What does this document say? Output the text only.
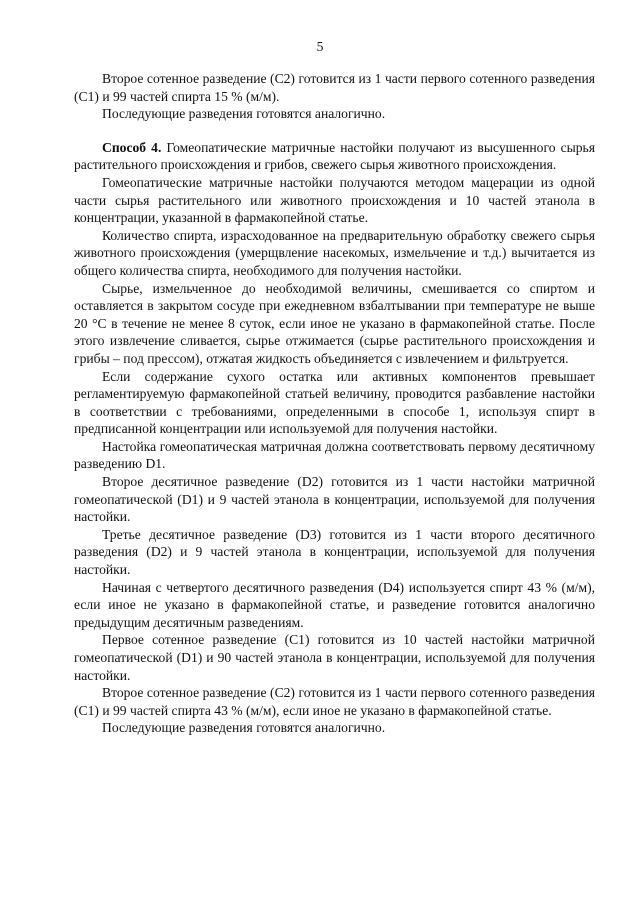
5

Второе сотенное разведение (C2) готовится из 1 части первого сотенного разведения (C1) и 99 частей спирта 15 % (м/м).

Последующие разведения готовятся аналогично.

Способ 4. Гомеопатические матричные настойки получают из высушенного сырья растительного происхождения и грибов, свежего сырья животного происхождения.

Гомеопатические матричные настойки получаются методом мацерации из одной части сырья растительного или животного происхождения и 10 частей этанола в концентрации, указанной в фармакопейной статье.

Количество спирта, израсходованное на предварительную обработку свежего сырья животного происхождения (умерщвление насекомых, измельчение и т.д.) вычитается из общего количества спирта, необходимого для получения настойки.

Сырье, измельченное до необходимой величины, смешивается со спиртом и оставляется в закрытом сосуде при ежедневном взбалтывании при температуре не выше 20 °C в течение не менее 8 суток, если иное не указано в фармакопейной статье. После этого извлечение сливается, сырье отжимается (сырье растительного происхождения и грибы – под прессом), отжатая жидкость объединяется с извлечением и фильтруется.

Если содержание сухого остатка или активных компонентов превышает регламентируемую фармакопейной статьей величину, проводится разбавление настойки в соответствии с требованиями, определенными в способе 1, используя спирт в предписанной концентрации или используемой для получения настойки.

Настойка гомеопатическая матричная должна соответствовать первому десятичному разведению D1.

Второе десятичное разведение (D2) готовится из 1 части настойки матричной гомеопатической (D1) и 9 частей этанола в концентрации, используемой для получения настойки.

Третье десятичное разведение (D3) готовится из 1 части второго десятичного разведения (D2) и 9 частей этанола в концентрации, используемой для получения настойки.

Начиная с четвертого десятичного разведения (D4) используется спирт 43 % (м/м), если иное не указано в фармакопейной статье, и разведение готовится аналогично предыдущим десятичным разведениям.

Первое сотенное разведение (C1) готовится из 10 частей настойки матричной гомеопатической (D1) и 90 частей этанола в концентрации, используемой для получения настойки.

Второе сотенное разведение (C2) готовится из 1 части первого сотенного разведения (C1) и 99 частей спирта 43 % (м/м), если иное не указано в фармакопейной статье.

Последующие разведения готовятся аналогично.
